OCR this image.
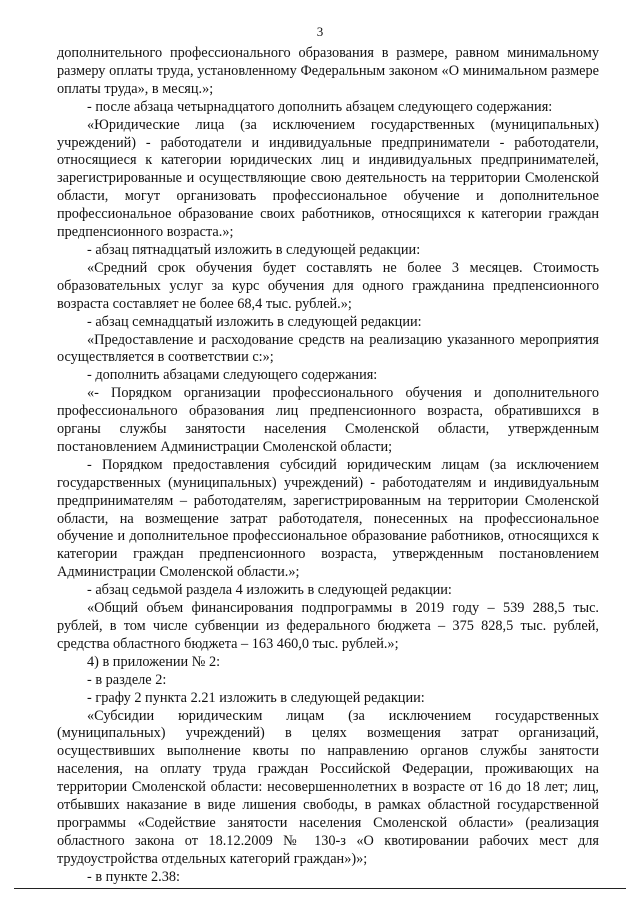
3

дополнительного профессионального образования в размере, равном минимальному размеру оплаты труда, установленному Федеральным законом «О минимальном размере оплаты труда», в месяц.»;

- после абзаца четырнадцатого дополнить абзацем следующего содержания:

«Юридические лица (за исключением государственных (муниципальных) учреждений) - работодатели и индивидуальные предприниматели - работодатели, относящиеся к категории юридических лиц и индивидуальных предпринимателей, зарегистрированные и осуществляющие свою деятельность на территории Смоленской области, могут организовать профессиональное обучение и дополнительное профессиональное образование своих работников, относящихся к категории граждан предпенсионного возраста.»;

- абзац пятнадцатый изложить в следующей редакции:

«Средний срок обучения будет составлять не более 3 месяцев. Стоимость образовательных услуг за курс обучения для одного гражданина предпенсионного возраста составляет не более 68,4 тыс. рублей.»;

- абзац семнадцатый изложить в следующей редакции:

«Предоставление и расходование средств на реализацию указанного мероприятия осуществляется в соответствии с:»;

- дополнить абзацами следующего содержания:

«- Порядком организации профессионального обучения и дополнительного профессионального образования лиц предпенсионного возраста, обратившихся в органы службы занятости населения Смоленской области, утвержденным постановлением Администрации Смоленской области;

- Порядком предоставления субсидий юридическим лицам (за исключением государственных (муниципальных) учреждений) - работодателям и индивидуальным предпринимателям – работодателям, зарегистрированным на территории Смоленской области, на возмещение затрат работодателя, понесенных на профессиональное обучение и дополнительное профессиональное образование работников, относящихся к категории граждан предпенсионного возраста, утвержденным постановлением Администрации Смоленской области.»;

- абзац седьмой раздела 4 изложить в следующей редакции:

«Общий объем финансирования подпрограммы в 2019 году – 539 288,5 тыс. рублей, в том числе субвенции из федерального бюджета – 375 828,5 тыс. рублей, средства областного бюджета – 163 460,0 тыс. рублей.»;

4) в приложении № 2:

- в разделе 2:

- графу 2 пункта 2.21 изложить в следующей редакции:

«Субсидии юридическим лицам (за исключением государственных (муниципальных) учреждений) в целях возмещения затрат организаций, осуществивших выполнение квоты по направлению органов службы занятости населения, на оплату труда граждан Российской Федерации, проживающих на территории Смоленской области: несовершеннолетних в возрасте от 16 до 18 лет; лиц, отбывших наказание в виде лишения свободы, в рамках областной государственной программы «Содействие занятости населения Смоленской области» (реализация областного закона от 18.12.2009 № 130-з «О квотировании рабочих мест для трудоустройства отдельных категорий граждан»)»;

- в пункте 2.38:
